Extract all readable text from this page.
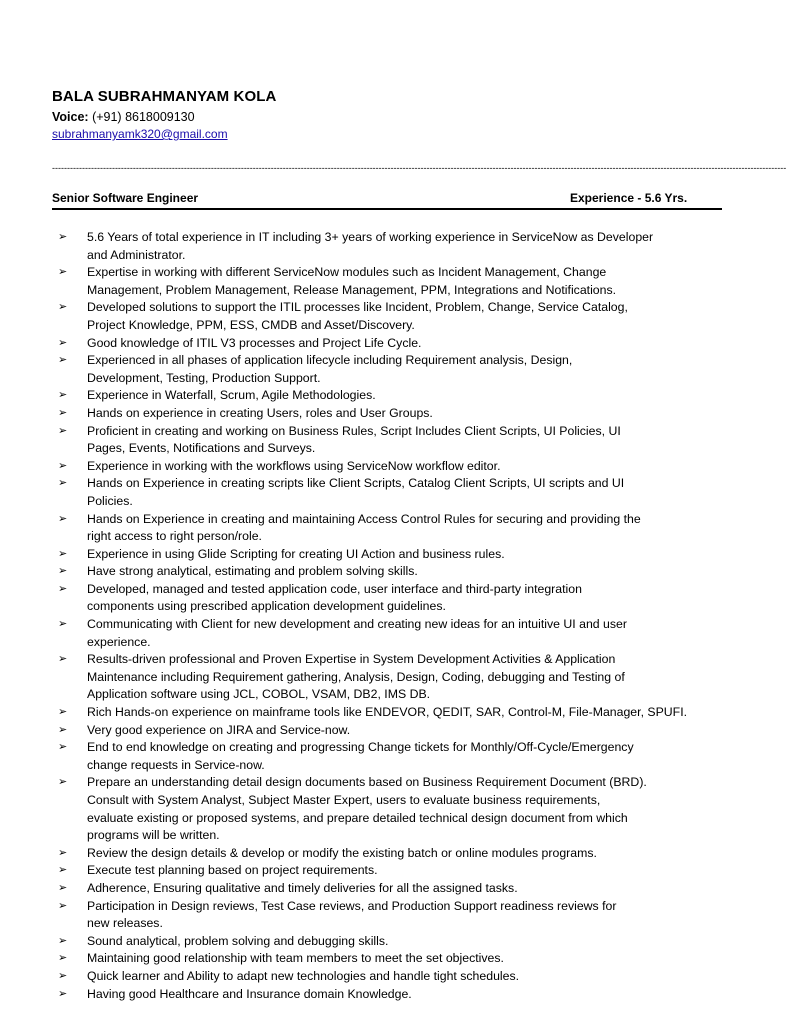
BALA SUBRAHMANYAM KOLA
Voice: (+91) 8618009130
subrahmanyamk320@gmail.com
-----------------------------------------------------------------------------------------------------------------------------------------------------------------------------------------------------------------------------------------------------
Senior Software Engineer	Experience - 5.6 Yrs.
➢ 5.6 Years of total experience in IT including 3+ years of working experience in ServiceNow as Developer
and Administrator.
➢ Expertise in working with different ServiceNow modules such as Incident Management, Change
Management, Problem Management, Release Management, PPM, Integrations and Notifications.
➢ Developed solutions to support the ITIL processes like Incident, Problem, Change, Service Catalog,
Project Knowledge, PPM, ESS, CMDB and Asset/Discovery.
➢ Good knowledge of ITIL V3 processes and Project Life Cycle.
➢ Experienced in all phases of application lifecycle including Requirement analysis, Design,
Development, Testing, Production Support.
➢ Experience in Waterfall, Scrum, Agile Methodologies.
➢ Hands on experience in creating Users, roles and User Groups.
➢ Proficient in creating and working on Business Rules, Script Includes Client Scripts, UI Policies, UI
Pages, Events, Notifications and Surveys.
➢ Experience in working with the workflows using ServiceNow workflow editor.
➢ Hands on Experience in creating scripts like Client Scripts, Catalog Client Scripts, UI scripts and UI
Policies.
➢ Hands on Experience in creating and maintaining Access Control Rules for securing and providing the
right access to right person/role.
➢ Experience in using Glide Scripting for creating UI Action and business rules.
➢ Have strong analytical, estimating and problem solving skills.
➢ Developed, managed and tested application code, user interface and third-party integration
components using prescribed application development guidelines.
➢ Communicating with Client for new development and creating new ideas for an intuitive UI and user
experience.
➢ Results-driven professional and Proven Expertise in System Development Activities & Application
Maintenance including Requirement gathering, Analysis, Design, Coding, debugging and Testing of
Application software using JCL, COBOL, VSAM, DB2, IMS DB.
➢ Rich Hands-on experience on mainframe tools like ENDEVOR, QEDIT, SAR, Control-M, File-Manager, SPUFI.
➢ Very good experience on JIRA and Service-now.
➢ End to end knowledge on creating and progressing Change tickets for Monthly/Off-Cycle/Emergency
change requests in Service-now.
➢ Prepare an understanding detail design documents based on Business Requirement Document (BRD).
Consult with System Analyst, Subject Master Expert, users to evaluate business requirements,
evaluate existing or proposed systems, and prepare detailed technical design document from which
programs will be written.
➢ Review the design details & develop or modify the existing batch or online modules programs.
➢ Execute test planning based on project requirements.
➢ Adherence, Ensuring qualitative and timely deliveries for all the assigned tasks.
➢ Participation in Design reviews, Test Case reviews, and Production Support readiness reviews for
new releases.
➢ Sound analytical, problem solving and debugging skills.
➢ Maintaining good relationship with team members to meet the set objectives.
➢ Quick learner and Ability to adapt new technologies and handle tight schedules.
➢ Having good Healthcare and Insurance domain Knowledge.
